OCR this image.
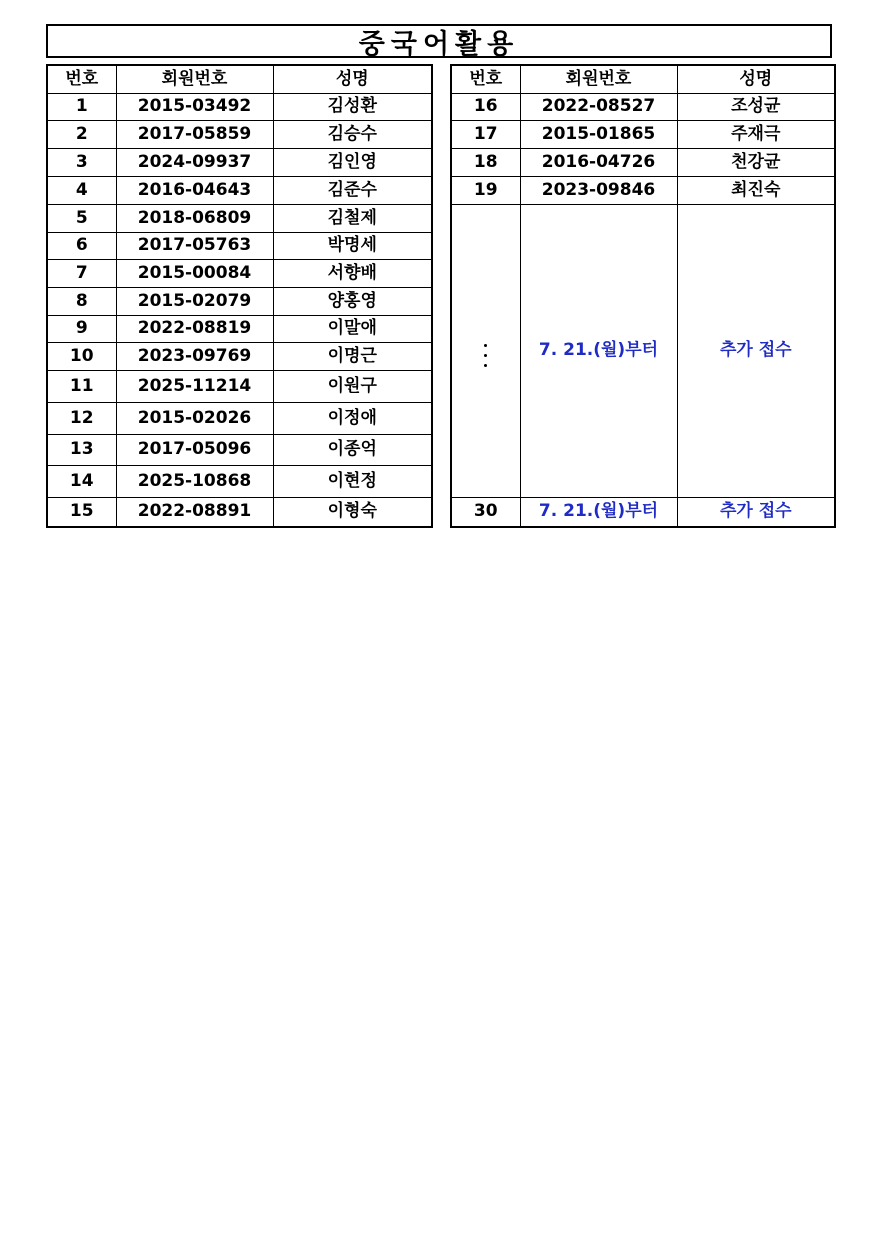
중국어활용
번호	회원번호	성명
1	2015-03492	김성환
2	2017-05859	김승수
3	2024-09937	김인영
4	2016-04643	김준수
5	2018-06809	김철제
6	2017-05763	박명세
7	2015-00084	서향배
8	2015-02079	양홍영
9	2022-08819	이말애
10	2023-09769	이명근
11	2025-11214	이원구
12	2015-02026	이정애
13	2017-05096	이종억
14	2025-10868	이현정
15	2022-08891	이형숙
번호	회원번호	성명
16	2022-08527	조성균
17	2015-01865	주재극
18	2016-04726	천강균
19	2023-09846	최진숙

	7. 21.(월)부터	추가 접수
30	7. 21.(월)부터	추가 접수
